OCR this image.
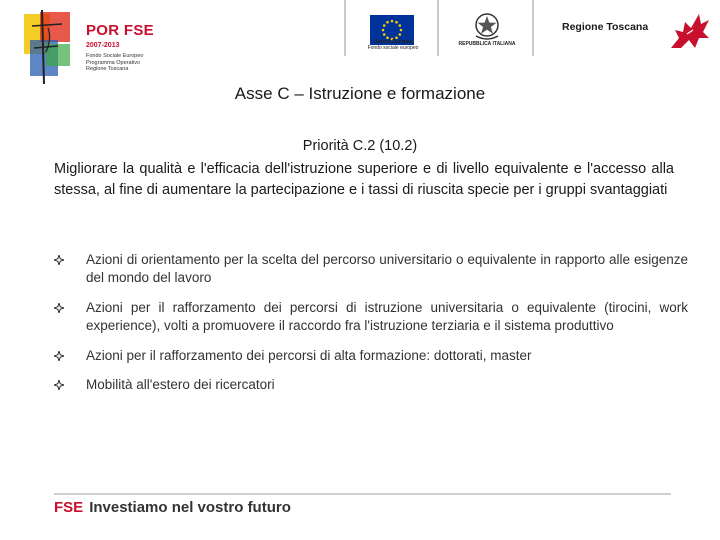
POR FSE
2007-2013
Fondo Sociale Europeo
Programma Operativo
Regione Toscana
Unione Europea
Fondo sociale europeo
REPUBBLICA ITALIANA
Regione Toscana
Asse C – Istruzione e formazione
Priorità C.2 (10.2)
Migliorare la qualità e l'efficacia dell'istruzione superiore e di livello equivalente e l'accesso alla stessa, al fine di aumentare la partecipazione e i tassi di riuscita specie per i gruppi svantaggiati
Azioni di orientamento per la scelta del percorso universitario o equivalente in rapporto alle esigenze del mondo del lavoro
Azioni per il rafforzamento dei percorsi di istruzione universitaria o equivalente (tirocini, work experience), volti a promuovere il raccordo fra l'istruzione terziaria e il sistema produttivo
Azioni per il rafforzamento dei percorsi di alta formazione: dottorati, master
Mobilità all'estero dei ricercatori
FSE Investiamo nel vostro futuro
